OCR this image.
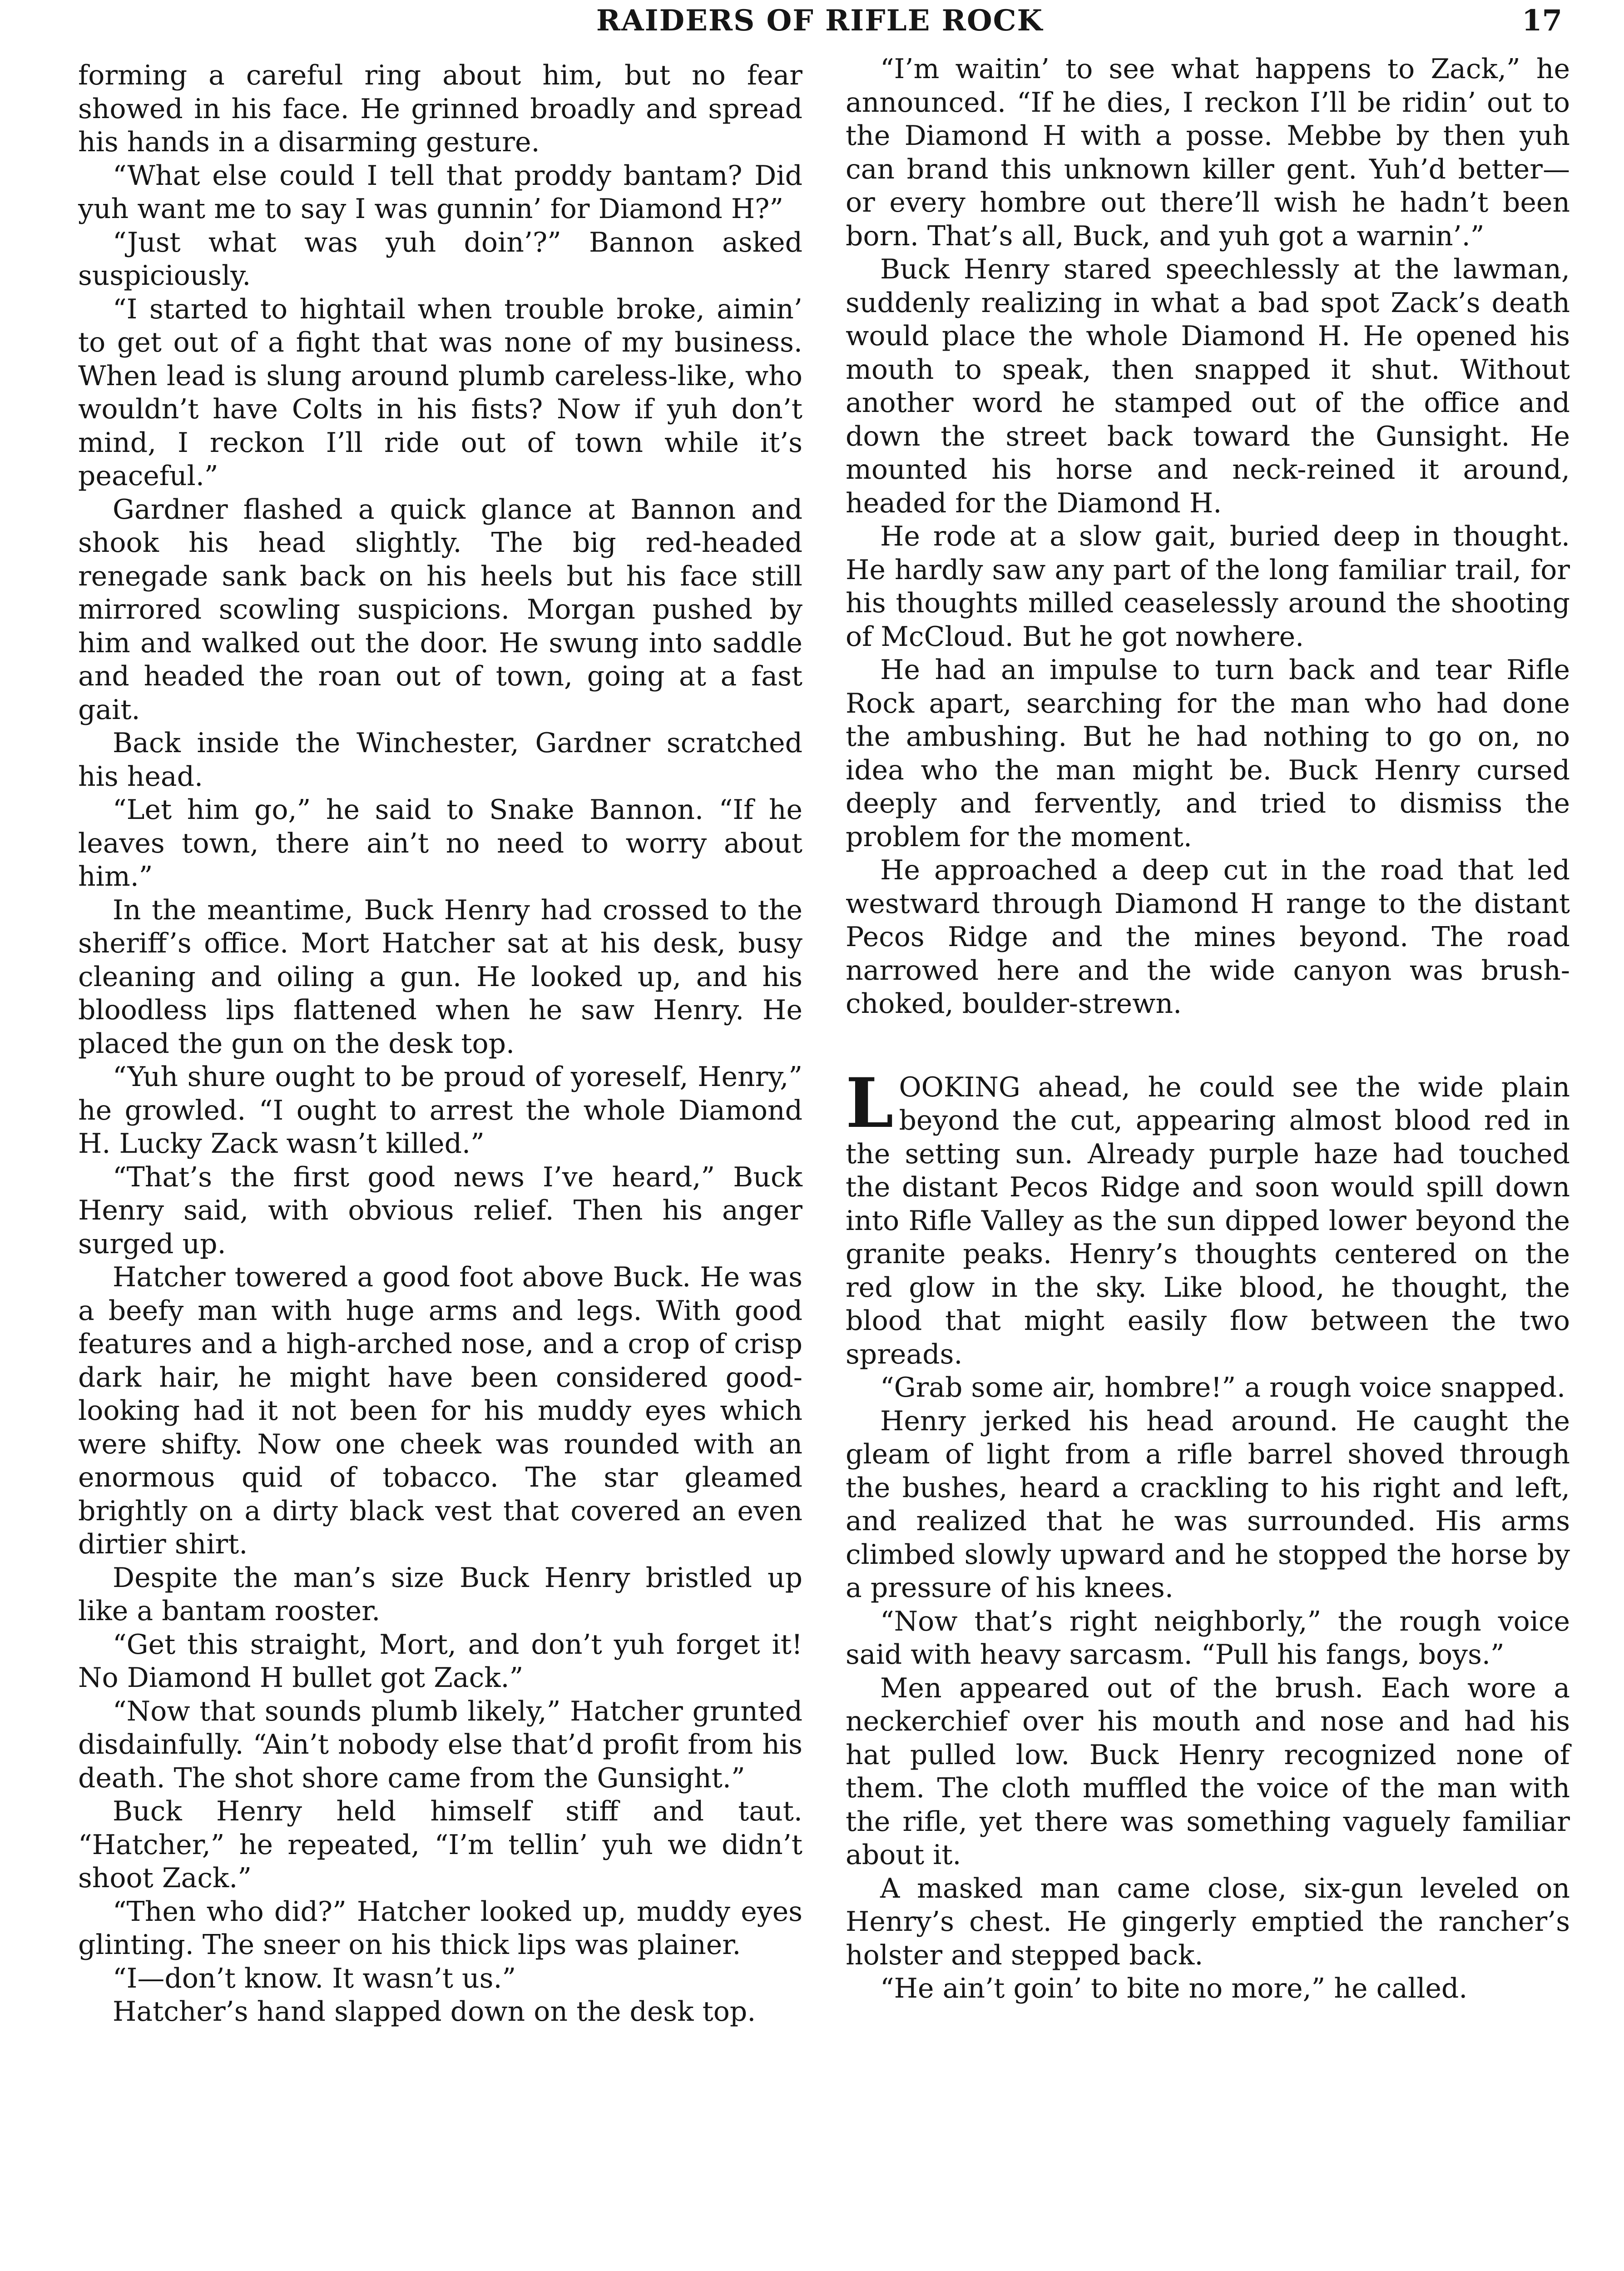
RAIDERS OF RIFLE ROCK	17

forming a careful ring about him, but no fear showed in his face. He grinned broadly and spread his hands in a disarming gesture.

“What else could I tell that proddy bantam? Did yuh want me to say I was gunnin’ for Diamond H?”

“Just what was yuh doin’?” Bannon asked suspiciously.

“I started to hightail when trouble broke, aimin’ to get out of a fight that was none of my business. When lead is slung around plumb careless-like, who wouldn’t have Colts in his fists? Now if yuh don’t mind, I reckon I’ll ride out of town while it’s peaceful.”

Gardner flashed a quick glance at Bannon and shook his head slightly. The big red-headed renegade sank back on his heels but his face still mirrored scowling suspicions. Morgan pushed by him and walked out the door. He swung into saddle and headed the roan out of town, going at a fast gait.

Back inside the Winchester, Gardner scratched his head.

“Let him go,” he said to Snake Bannon. “If he leaves town, there ain’t no need to worry about him.”

In the meantime, Buck Henry had crossed to the sheriff’s office. Mort Hatcher sat at his desk, busy cleaning and oiling a gun. He looked up, and his bloodless lips flattened when he saw Henry. He placed the gun on the desk top.

“Yuh shure ought to be proud of yoreself, Henry,” he growled. “I ought to arrest the whole Diamond H. Lucky Zack wasn’t killed.”

“That’s the first good news I’ve heard,” Buck Henry said, with obvious relief. Then his anger surged up.

Hatcher towered a good foot above Buck. He was a beefy man with huge arms and legs. With good features and a high-arched nose, and a crop of crisp dark hair, he might have been considered good-looking had it not been for his muddy eyes which were shifty. Now one cheek was rounded with an enormous quid of tobacco. The star gleamed brightly on a dirty black vest that covered an even dirtier shirt.

Despite the man’s size Buck Henry bristled up like a bantam rooster.

“Get this straight, Mort, and don’t yuh forget it! No Diamond H bullet got Zack.”

“Now that sounds plumb likely,” Hatcher grunted disdainfully. “Ain’t nobody else that’d profit from his death. The shot shore came from the Gunsight.”

Buck Henry held himself stiff and taut. “Hatcher,” he repeated, “I’m tellin’ yuh we didn’t shoot Zack.”

“Then who did?” Hatcher looked up, muddy eyes glinting. The sneer on his thick lips was plainer.

“I—don’t know. It wasn’t us.”

Hatcher’s hand slapped down on the desk top.

“I’m waitin’ to see what happens to Zack,” he announced. “If he dies, I reckon I’ll be ridin’ out to the Diamond H with a posse. Mebbe by then yuh can brand this unknown killer gent. Yuh’d better—or every hombre out there’ll wish he hadn’t been born. That’s all, Buck, and yuh got a warnin’.”

Buck Henry stared speechlessly at the lawman, suddenly realizing in what a bad spot Zack’s death would place the whole Diamond H. He opened his mouth to speak, then snapped it shut. Without another word he stamped out of the office and down the street back toward the Gunsight. He mounted his horse and neck-reined it around, headed for the Diamond H.

He rode at a slow gait, buried deep in thought. He hardly saw any part of the long familiar trail, for his thoughts milled ceaselessly around the shooting of McCloud. But he got nowhere.

He had an impulse to turn back and tear Rifle Rock apart, searching for the man who had done the ambushing. But he had nothing to go on, no idea who the man might be. Buck Henry cursed deeply and fervently, and tried to dismiss the problem for the moment.

He approached a deep cut in the road that led westward through Diamond H range to the distant Pecos Ridge and the mines beyond. The road narrowed here and the wide canyon was brush-choked, boulder-strewn.

LOOKING ahead, he could see the wide plain beyond the cut, appearing almost blood red in the setting sun. Already purple haze had touched the distant Pecos Ridge and soon would spill down into Rifle Valley as the sun dipped lower beyond the granite peaks. Henry’s thoughts centered on the red glow in the sky. Like blood, he thought, the blood that might easily flow between the two spreads.

“Grab some air, hombre!” a rough voice snapped.

Henry jerked his head around. He caught the gleam of light from a rifle barrel shoved through the bushes, heard a crackling to his right and left, and realized that he was surrounded. His arms climbed slowly upward and he stopped the horse by a pressure of his knees.

“Now that’s right neighborly,” the rough voice said with heavy sarcasm. “Pull his fangs, boys.”

Men appeared out of the brush. Each wore a neckerchief over his mouth and nose and had his hat pulled low. Buck Henry recognized none of them. The cloth muffled the voice of the man with the rifle, yet there was something vaguely familiar about it.

A masked man came close, six-gun leveled on Henry’s chest. He gingerly emptied the rancher’s holster and stepped back.

“He ain’t goin’ to bite no more,” he called.
